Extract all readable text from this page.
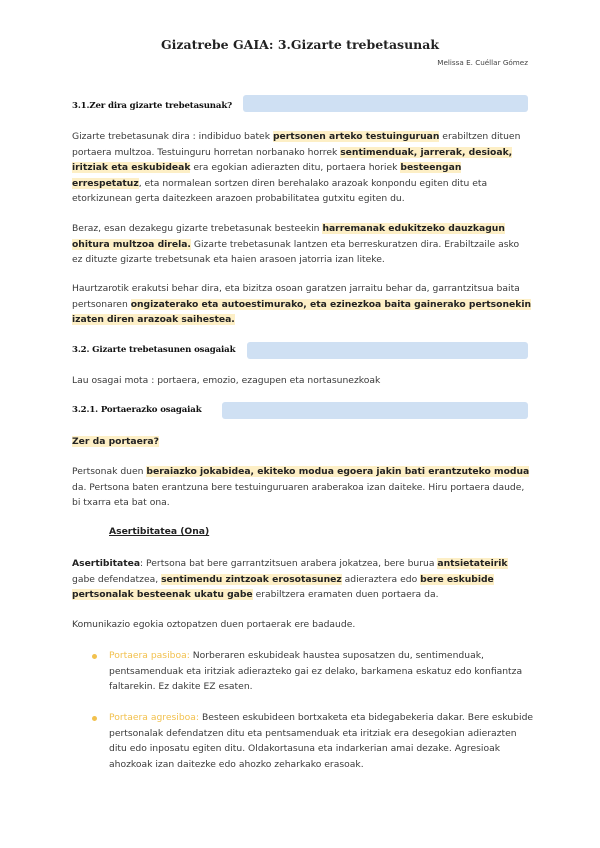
Gizatrebe GAIA: 3.Gizarte trebetasunak
Melissa E. Cuéllar Gómez
3.1.Zer dira gizarte trebetasunak?
Gizarte trebetasunak dira : indibiduo batek pertsonen arteko testuinguruan erabiltzen dituen portaera multzoa. Testuinguru horretan norbanako horrek sentimenduak, jarrerak, desioak, iritziak eta eskubideak era egokian adierazten ditu, portaera horiek besteengan errespetatuz, eta normalean sortzen diren berehalako arazoak konpondu egiten ditu eta etorkizunean gerta daitezkeen arazoen probabilitatea gutxitu egiten du.
Beraz, esan dezakegu gizarte trebetasunak besteekin harremanak edukitzeko dauzkagun ohitura multzoa direla. Gizarte trebetasunak lantzen eta berreskuratzen dira. Erabiltzaile asko ez dituzte gizarte trebetsunak eta haien arasoen jatorria izan liteke.
Haurtzarotik erakutsi behar dira, eta bizitza osoan garatzen jarraitu behar da, garrantzitsua baita pertsonaren ongizaterako eta autoestimurako, eta ezinezkoa baita gainerako pertsonekin izaten diren arazoak saihestea.
3.2. Gizarte trebetasunen osagaiak
Lau osagai mota : portaera, emozio, ezagupen eta nortasunezkoak
3.2.1. Portaerazko osagaiak
Zer da portaera?
Pertsonak duen beraiazko jokabidea, ekiteko modua egoera jakin bati erantzuteko modua da. Pertsona baten erantzuna bere testuinguruaren araberakoa izan daiteke. Hiru portaera daude, bi txarra eta bat ona.
Asertibitatea (Ona)
Asertibitatea: Pertsona bat bere garrantzitsuen arabera jokatzea, bere burua antsietateirik gabe defendatzea, sentimendu zintzoak erosotasunez adieraztera edo bere eskubide pertsonalak besteenak ukatu gabe erabiltzera eramaten duen portaera da.
Komunikazio egokia oztopatzen duen portaerak ere badaude.
Portaera pasiboa: Norberaren eskubideak haustea suposatzen du, sentimenduak, pentsamenduak eta iritziak adierazteko gai ez delako, barkamena eskatuz edo konfiantza faltarekin. Ez dakite EZ esaten.
Portaera agresiboa: Besteen eskubideen bortxaketa eta bidegabekeria dakar. Bere eskubide pertsonalak defendatzen ditu eta pentsamenduak eta iritziak era desegokian adierazten ditu edo inposatu egiten ditu. Oldakortasuna eta indarkerian amai dezake. Agresioak ahozkoak izan daitezke edo ahozko zeharkako erasoak.
